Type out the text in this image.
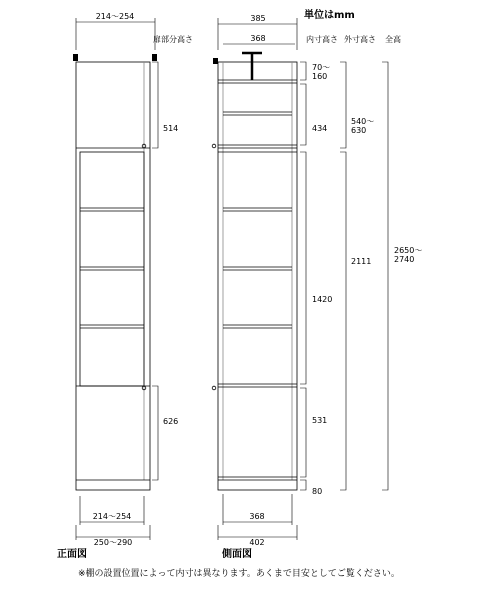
214～254
514
626
扉部分高さ
214～254
250～290
正面図
385
368
368
402
側面図
単位はmm
内寸高さ 外寸高さ 全高
70～
160
434
1420
531
80
540～
630
2111
2650～
2740
※棚の設置位置によって内寸は異なります。あくまで目安としてご覧ください。
